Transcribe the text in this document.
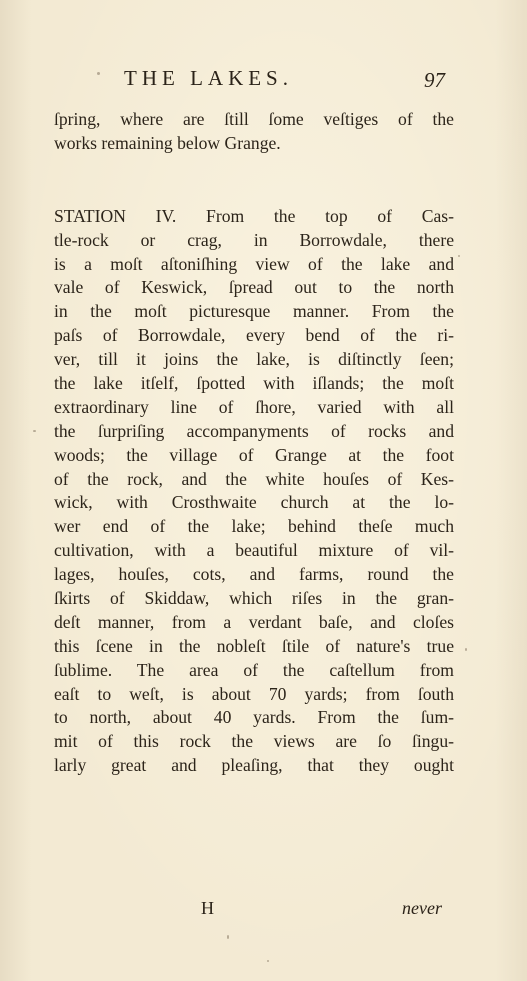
THE LAKES.	97
ſpring, where are ſtill ſome veſtiges of the
works remaining below Grange.
STATION IV. From the top of Cas-
tle-rock or crag, in Borrowdale, there
is a moſt aſtoniſhing view of the lake and
vale of Keswick, ſpread out to the north
in the moſt picturesque manner. From the
paſs of Borrowdale, every bend of the ri-
ver, till it joins the lake, is diſtinctly ſeen;
the lake itſelf, ſpotted with iſlands; the moſt
extraordinary line of ſhore, varied with all
the ſurpriſing accompanyments of rocks and
woods; the village of Grange at the foot
of the rock, and the white houſes of Kes-
wick, with Crosthwaite church at the lo-
wer end of the lake; behind theſe much
cultivation, with a beautiful mixture of vil-
lages, houſes, cots, and farms, round the
ſkirts of Skiddaw, which riſes in the gran-
deſt manner, from a verdant baſe, and cloſes
this ſcene in the nobleſt ſtile of nature's true
ſublime. The area of the caſtellum from
eaſt to weſt, is about 70 yards; from ſouth
to north, about 40 yards. From the ſum-
mit of this rock the views are ſo ſingu-
larly great and pleaſing, that they ought
H	never
